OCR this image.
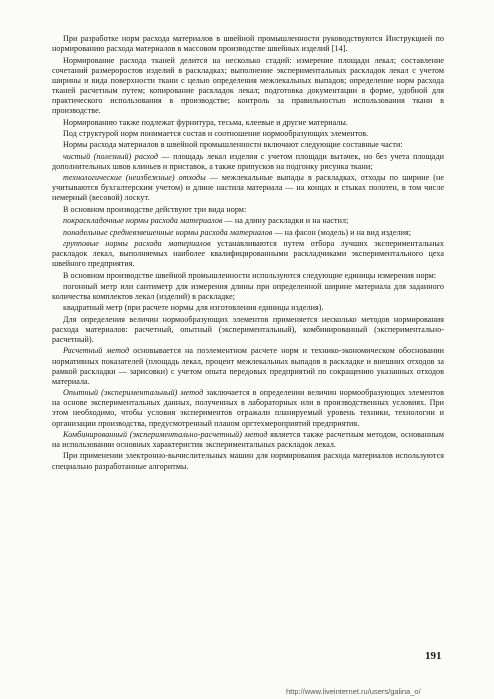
При разработке норм расхода материалов в швейной промышленности руководствуются Инструкцией по нормированию расхода материалов в массовом производстве швейных изделий [14].

Нормирование расхода тканей делится на несколько стадий: измерение площади лекал; составление сочетаний размероростов изделий в раскладках; выполнение экспериментальных раскладок лекал с учетом ширины и вида поверхности ткани с целью определения межлекальных выпадов; определение норм расхода тканей расчетным путем; копирование раскладок лекал; подготовка документации в форме, удобной для практического использования в производстве; контроль за правильностью использования ткани в производстве.

Нормированию также подлежат фурнитура, тесьма, клеевые и другие материалы.

Под структурой норм понимается состав и соотношение нормообразующих элементов.

Нормы расхода материалов в швейной промышленности включают следующие составные части:

чистый (полезный) расход — площадь лекал изделия с учетом площади вытачек, но без учета площади дополнительных швов клиньев и приставок, а также припусков на подгонку рисунка ткани;

технологические (неизбежные) отходы — межлекальные выпады в раскладках, отходы по ширине (не учитываются бухгалтерским учетом) и длине настила материала — на концах и стыках полотен, в том числе немерный (весовой) лоскут.

В основном производстве действуют три вида норм:

покраскладочные нормы расхода материалов — на длину раскладки и на настил;

понадельные средневзвешенные нормы расхода материалов — на фасон (модель) и на вид изделия;

групповые нормы расхода материалов устанавливаются путем отбора лучших экспериментальных раскладок лекал, выполняемых наиболее квалифицированными раскладчиками экспериментального цеха швейного предприятия.

В основном производстве швейной промышленности используются следующие единицы измерения норм:

погонный метр или сантиметр для измерения длины при определенной ширине материала для заданного количества комплектов лекал (изделий) в раскладке;

квадратный метр (при расчете нормы для изготовления единицы изделия).

Для определения величин нормообразующих элементов применяется несколько методов нормирования расхода материалов: расчетный, опытный (экспериментальный), комбинированный (экспериментально-расчетный).

Расчетный метод основывается на поэлементном расчете норм и технико-экономическом обосновании нормативных показателей (площадь лекал, процент межлекальных выпадов в раскладке и внешних отходов за рамкой раскладки — зарисовки) с учетом опыта передовых предприятий по сокращению указанных отходов материала.

Опытный (экспериментальный) метод заключается в определении величин нормообразующих элементов на основе экспериментальных данных, полученных в лабораторных или в производственных условиях. При этом необходимо, чтобы условия экспериментов отражали планируемый уровень техники, технологии и организации производства, предусмотренный планом оргтехмероприятий предприятия.

Комбинированный (экспериментально-расчетный) метод является также расчетным методом, основанным на использовании основных характеристик экспериментальных раскладок лекал.

При применении электронно-вычислительных машин для нормирования расхода материалов используются специально разработанные алгоритмы.

191
http://www.liveinternet.ru/users/galina_o/
